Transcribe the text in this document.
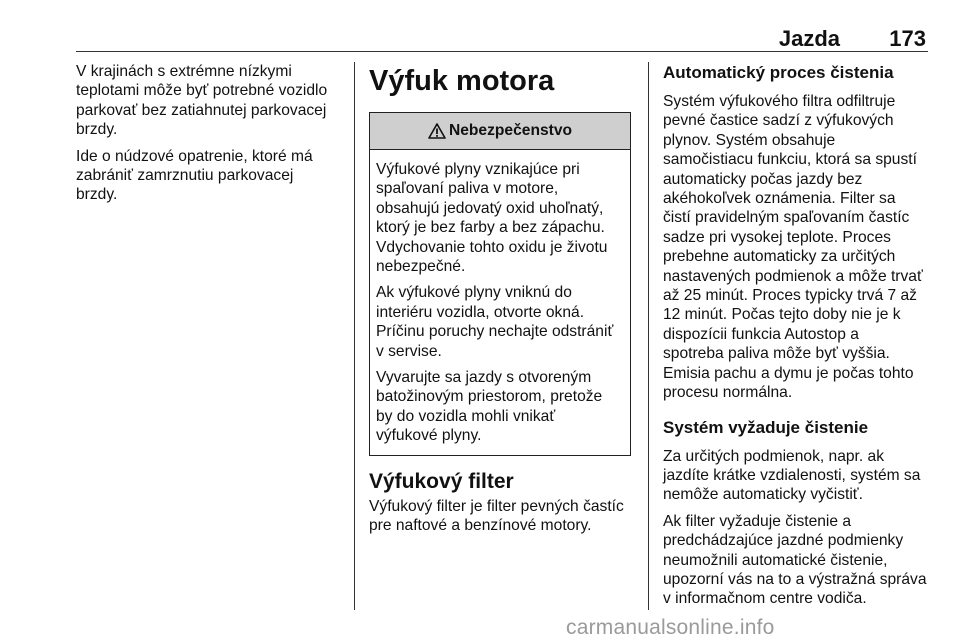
Jazda 173

V krajinách s extrémne nízkymi
teplotami môže byť potrebné vozidlo
parkovať bez zatiahnutej parkovacej
brzdy.

Ide o núdzové opatrenie, ktoré má
zabrániť zamrznutiu parkovacej
brzdy.

Výfuk motora
Nebezpečenstvo

Výfukové plyny vznikajúce pri
spaľovaní paliva v motore,
obsahujú jedovatý oxid uhoľnatý,
ktorý je bez farby a bez zápachu.
Vdychovanie tohto oxidu je životu
nebezpečné.

Ak výfukové plyny vniknú do
interiéru vozidla, otvorte okná.
Príčinu poruchy nechajte odstrániť
v servise.

Vyvarujte sa jazdy s otvoreným
batožinovým priestorom, pretože
by do vozidla mohli vnikať
výfukové plyny.

Výfukový filter

Výfukový filter je filter pevných častíc
pre naftové a benzínové motory.

Automatický proces čistenia

Systém výfukového filtra odfiltruje
pevné častice sadzí z výfukových
plynov. Systém obsahuje
samočistiacu funkciu, ktorá sa spustí
automaticky počas jazdy bez
akéhokoľvek oznámenia. Filter sa
čistí pravidelným spaľovaním častíc
sadze pri vysokej teplote. Proces
prebehne automaticky za určitých
nastavených podmienok a môže trvať
až 25 minút. Proces typicky trvá 7 až
12 minút. Počas tejto doby nie je k
dispozícii funkcia Autostop a
spotreba paliva môže byť vyššia.
Emisia pachu a dymu je počas tohto
procesu normálna.

Systém vyžaduje čistenie

Za určitých podmienok, napr. ak
jazdíte krátke vzdialenosti, systém sa
nemôže automaticky vyčistiť.

Ak filter vyžaduje čistenie a
predchádzajúce jazdné podmienky
neumožnili automatické čistenie,
upozorní vás na to a výstražná správa
v informačnom centre vodiča.

carmanualsonline.info
